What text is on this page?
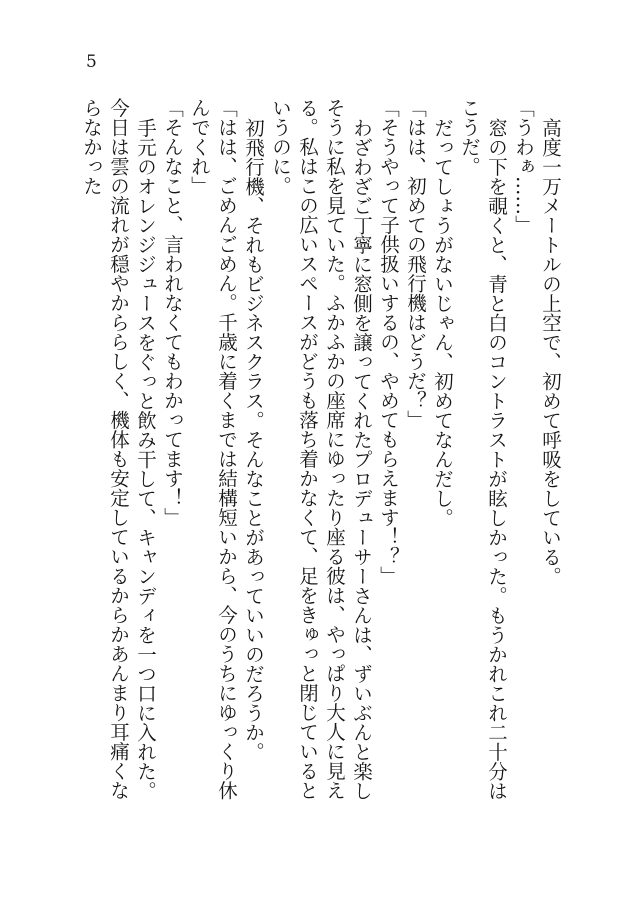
5

高度一万メートルの上空で、初めて呼吸をしている。

「うわぁ……」

窓の下を覗くと、青と白のコントラストが眩しかった。もうかれこれ二十分はこうだ。

だってしょうがないじゃん、初めてなんだし。

「はは、初めての飛行機はどうだ？」

「そうやって子供扱いするの、やめてもらえます！？」

わざわざご丁寧に窓側を譲ってくれたプロデューサーさんは、ずいぶんと楽しそうに私を見ていた。ふかふかの座席にゆったり座る彼は、やっぱり大人に見える。私はこの広いスペースがどうも落ち着かなくて、足をきゅっと閉じているというのに。

初飛行機、それもビジネスクラス。そんなことがあっていいのだろうか。

「はは、ごめんごめん。千歳に着くまでは結構短いから、今のうちにゆっくり休んでくれ」

「そんなこと、言われなくてもわかってます！」

手元のオレンジジュースをぐっと飲み干して、キャンディを一つ口に入れた。今日は雲の流れが穏やかららしく、機体も安定しているからかあんまり耳痛くならなかった
